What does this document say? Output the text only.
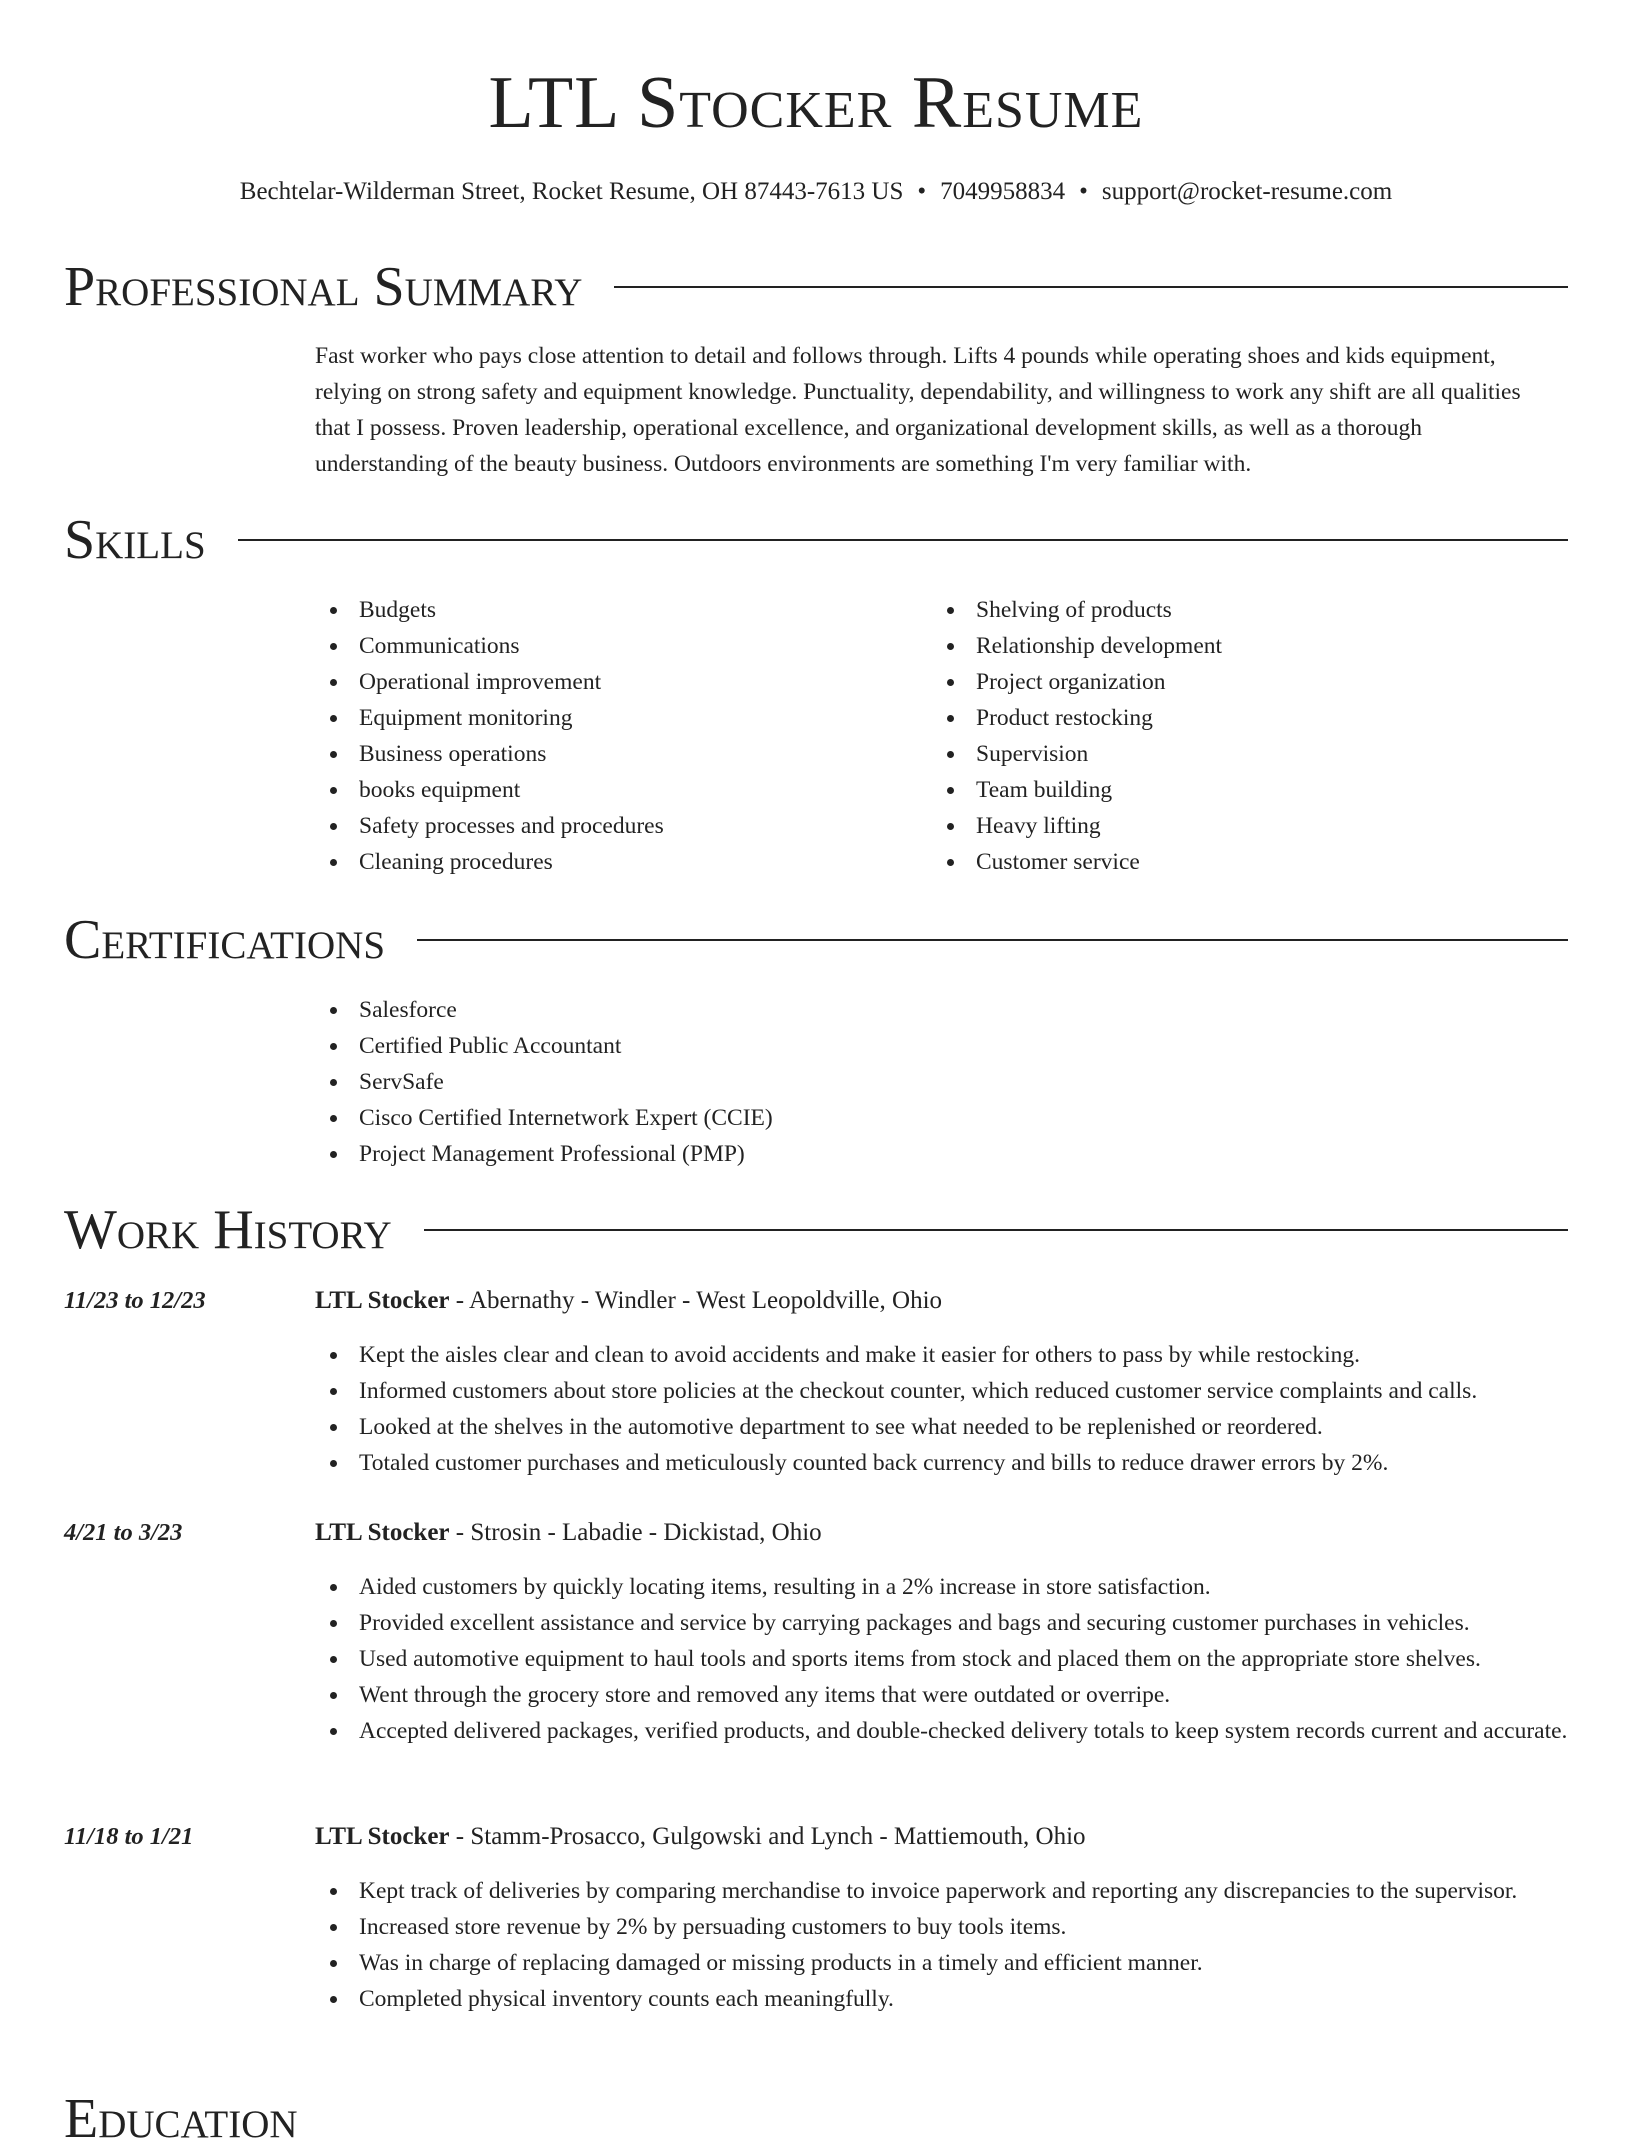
LTL Stocker Resume
Bechtelar-Wilderman Street, Rocket Resume, OH 87443-7613 US • 7049958834 • support@rocket-resume.com
Professional Summary

Fast worker who pays close attention to detail and follows through. Lifts 4 pounds while operating shoes and kids equipment, relying on strong safety and equipment knowledge. Punctuality, dependability, and willingness to work any shift are all qualities that I possess. Proven leadership, operational excellence, and organizational development skills, as well as a thorough understanding of the beauty business. Outdoors environments are something I'm very familiar with.

Skills
Budgets
Communications
Operational improvement
Equipment monitoring
Business operations
books equipment
Safety processes and procedures
Cleaning procedures
Shelving of products
Relationship development
Project organization
Product restocking
Supervision
Team building
Heavy lifting
Customer service
Certifications
Salesforce
Certified Public Accountant
ServSafe
Cisco Certified Internetwork Expert (CCIE)
Project Management Professional (PMP)
Work History
11/23 to 12/23	LTL Stocker - Abernathy - Windler - West Leopoldville, Ohio
Kept the aisles clear and clean to avoid accidents and make it easier for others to pass by while restocking.
Informed customers about store policies at the checkout counter, which reduced customer service complaints and calls.
Looked at the shelves in the automotive department to see what needed to be replenished or reordered.
Totaled customer purchases and meticulously counted back currency and bills to reduce drawer errors by 2%.
4/21 to 3/23	LTL Stocker - Strosin - Labadie - Dickistad, Ohio
Aided customers by quickly locating items, resulting in a 2% increase in store satisfaction.
Provided excellent assistance and service by carrying packages and bags and securing customer purchases in vehicles.
Used automotive equipment to haul tools and sports items from stock and placed them on the appropriate store shelves.
Went through the grocery store and removed any items that were outdated or overripe.
Accepted delivered packages, verified products, and double-checked delivery totals to keep system records current and accurate.
11/18 to 1/21	LTL Stocker - Stamm-Prosacco, Gulgowski and Lynch - Mattiemouth, Ohio
Kept track of deliveries by comparing merchandise to invoice paperwork and reporting any discrepancies to the supervisor.
Increased store revenue by 2% by persuading customers to buy tools items.
Was in charge of replacing damaged or missing products in a timely and efficient manner.
Completed physical inventory counts each meaningfully.
Education
